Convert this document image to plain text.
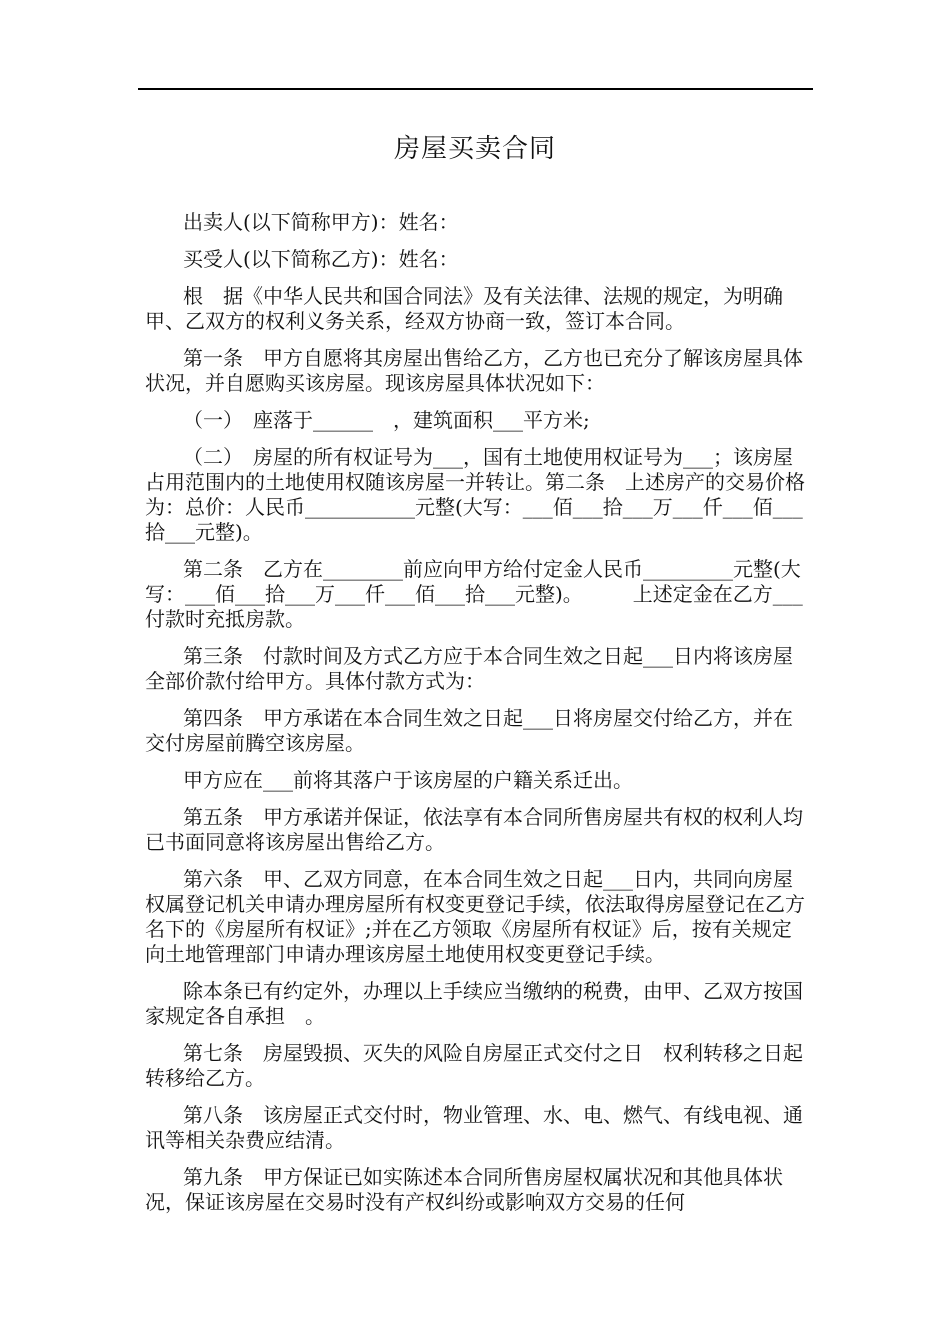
房屋买卖合同

出卖人(以下简称甲方)：姓名：

买受人(以下简称乙方)：姓名：

根　据《中华人民共和国合同法》及有关法律、法规的规定，为明确甲、乙双方的权利义务关系，经双方协商一致，签订本合同。

第一条　甲方自愿将其房屋出售给乙方，乙方也已充分了解该房屋具体状况，并自愿购买该房屋。现该房屋具体状况如下：

（一）　座落于______　，建筑面积___平方米;

（二）　房屋的所有权证号为___，国有土地使用权证号为___；该房屋占用范围内的土地使用权随该房屋一并转让。第二条　上述房产的交易价格为：总价：人民币___________元整(大写：___佰___拾___万___仟___佰___拾___元整)。

第二条　乙方在________前应向甲方给付定金人民币_________元整(大写：___佰___拾___万___仟___佰___拾___元整)。　　　上述定金在乙方___付款时充抵房款。

第三条　付款时间及方式乙方应于本合同生效之日起___日内将该房屋全部价款付给甲方。具体付款方式为：

第四条　甲方承诺在本合同生效之日起___日将房屋交付给乙方，并在交付房屋前腾空该房屋。

甲方应在___前将其落户于该房屋的户籍关系迁出。

第五条　甲方承诺并保证，依法享有本合同所售房屋共有权的权利人均已书面同意将该房屋出售给乙方。

第六条　甲、乙双方同意，在本合同生效之日起___日内，共同向房屋权属登记机关申请办理房屋所有权变更登记手续，依法取得房屋登记在乙方名下的《房屋所有权证》;并在乙方领取《房屋所有权证》后，按有关规定向土地管理部门申请办理该房屋土地使用权变更登记手续。

除本条已有约定外，办理以上手续应当缴纳的税费，由甲、乙双方按国家规定各自承担　。

第七条　房屋毁损、灭失的风险自房屋正式交付之日　权利转移之日起转移给乙方。

第八条　该房屋正式交付时，物业管理、水、电、燃气、有线电视、通讯等相关杂费应结清。

第九条　甲方保证已如实陈述本合同所售房屋权属状况和其他具体状况，保证该房屋在交易时没有产权纠纷或影响双方交易的任何
